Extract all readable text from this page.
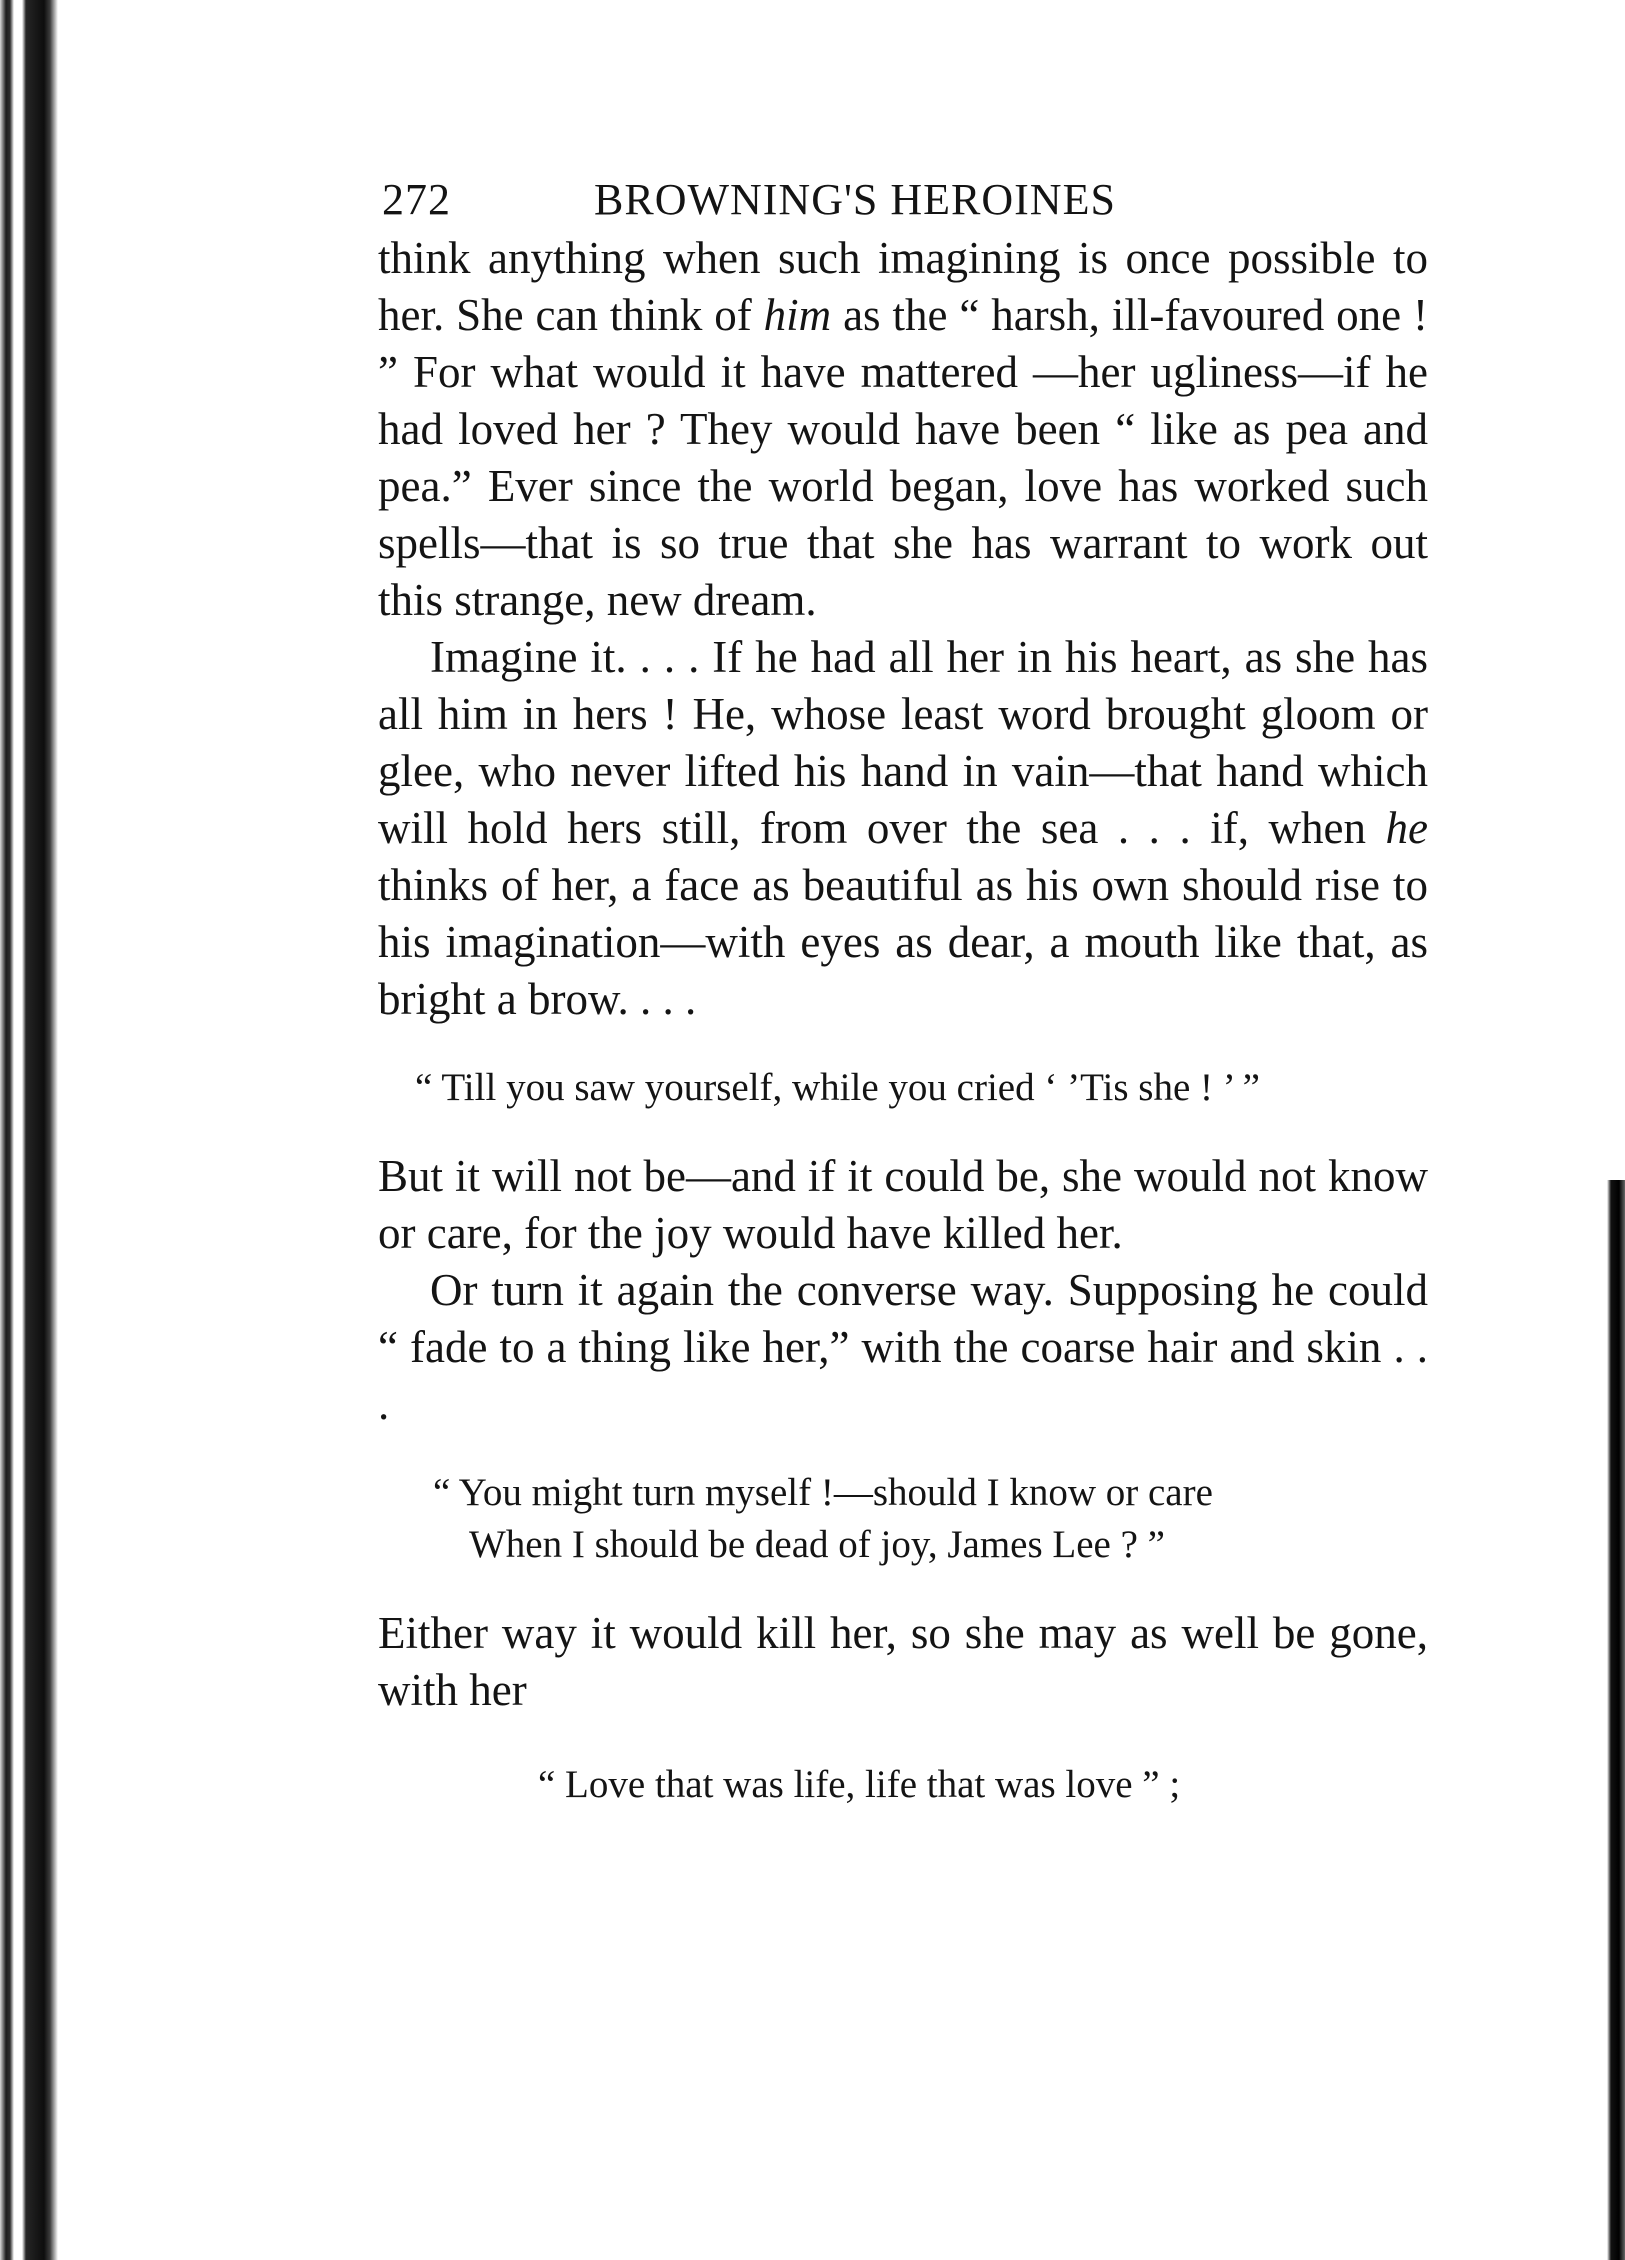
272	BROWNING'S HEROINES

think anything when such imagining is once possible to her. She can think of him as the “ harsh, ill-favoured one ! ” For what would it have mattered —her ugliness—if he had loved her ? They would have been “ like as pea and pea.” Ever since the world began, love has worked such spells—that is so true that she has warrant to work out this strange, new dream.

Imagine it. . . . If he had all her in his heart, as she has all him in hers ! He, whose least word brought gloom or glee, who never lifted his hand in vain—that hand which will hold hers still, from over the sea . . . if, when he thinks of her, a face as beautiful as his own should rise to his imagination—with eyes as dear, a mouth like that, as bright a brow. . . .

“ Till you saw yourself, while you cried ‘ ’Tis she ! ’ ”

But it will not be—and if it could be, she would not know or care, for the joy would have killed her.

Or turn it again the converse way. Supposing he could “ fade to a thing like her,” with the coarse hair and skin . . .

“ You might turn myself !—should I know or care
When I should be dead of joy, James Lee ? ”

Either way it would kill her, so she may as well be gone, with her

“ Love that was life, life that was love ” ;
